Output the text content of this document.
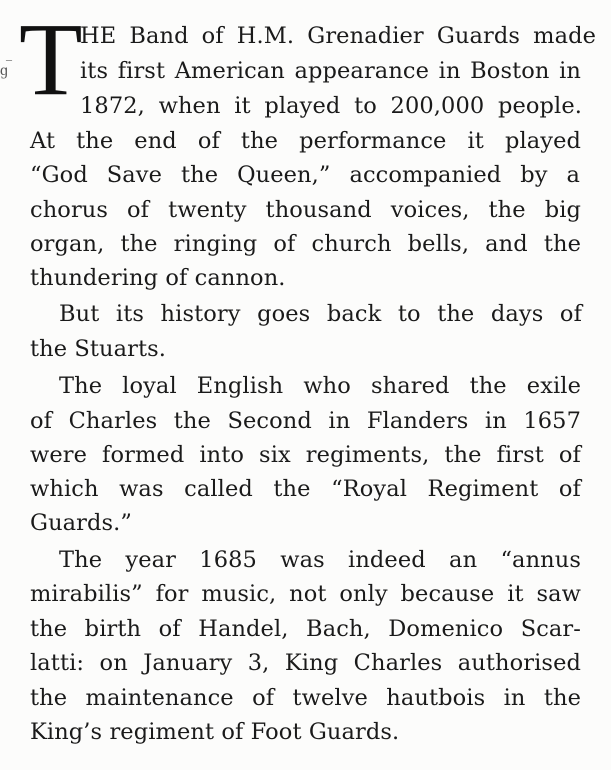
ɡ
– T
HE Band of H.M. Grenadier Guards made
its first American appearance in Boston in
1872, when it played to 200,000 people.
At the end of the performance it played
“God Save the Queen,” accompanied by a
chorus of twenty thousand voices, the big
organ, the ringing of church bells, and the
thundering of cannon.
But its history goes back to the days of
the Stuarts.
The loyal English who shared the exile
of Charles the Second in Flanders in 1657
were formed into six regiments, the first of
which was called the “Royal Regiment of
Guards.”
The year 1685 was indeed an “annus
mirabilis” for music, not only because it saw
the birth of Handel, Bach, Domenico Scar-
latti: on January 3, King Charles authorised
the maintenance of twelve hautbois in the
King’s regiment of Foot Guards.
